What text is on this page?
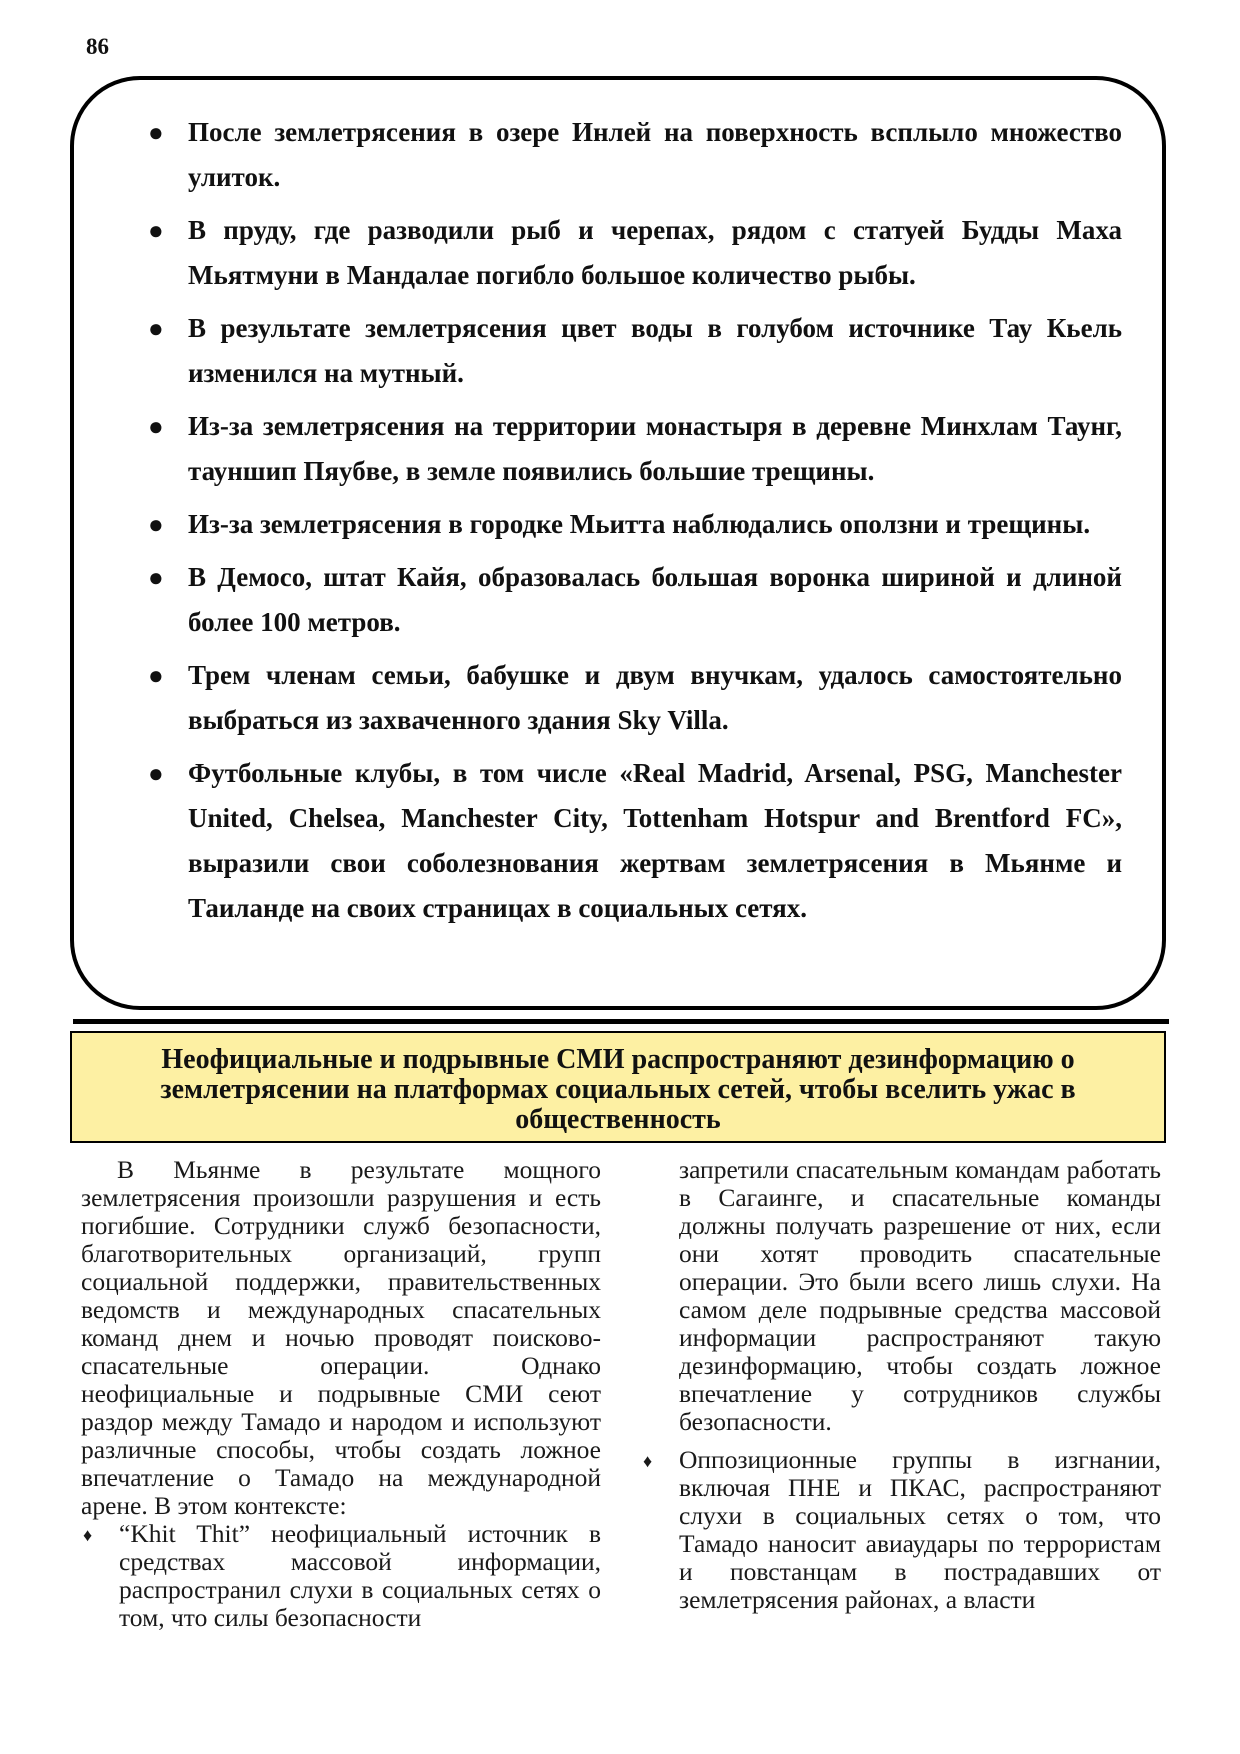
86
● После землетрясения в озере Инлей на поверхность всплыло множество улиток.
● В пруду, где разводили рыб и черепах, рядом с статуей Будды Маха Мьятмуни в Мандалае погибло большое количество рыбы.
● В результате землетрясения цвет воды в голубом источнике Тау Кьель изменился на мутный.
● Из-за землетрясения на территории монастыря в деревне Минхлам Таунг, тауншип Пяубве, в земле появились большие трещины.
● Из-за землетрясения в городке Мьитта наблюдались оползни и трещины.
● В Демосо, штат Кайя, образовалась большая воронка шириной и длиной более 100 метров.
● Трем членам семьи, бабушке и двум внучкам, удалось самостоятельно выбраться из захваченного здания Sky Villa.
● Футбольные клубы, в том числе «Real Madrid, Arsenal, PSG, Manchester United, Chelsea, Manchester City, Tottenham Hotspur and Brentford FC», выразили свои соболезнования жертвам землетрясения в Мьянме и Таиланде на своих страницах в социальных сетях.
Неофициальные и подрывные СМИ распространяют дезинформацию о землетрясении на платформах социальных сетей, чтобы вселить ужас в общественность

В Мьянме в результате мощного землетрясения произошли разрушения и есть погибшие. Сотрудники служб безопасности, благотворительных организаций, групп социальной поддержки, правительственных ведомств и международных спасательных команд днем и ночью проводят поисково-спасательные операции. Однако неофициальные и подрывные СМИ сеют раздор между Тамадо и народом и используют различные способы, чтобы создать ложное впечатление о Тамадо на международной арене. В этом контексте:

♦ “Khit Thit” неофициальный источник в средствах массовой информации, распространил слухи в социальных сетях о том, что силы безопасности

запретили спасательным командам работать в Сагаинге, и спасательные команды должны получать разрешение от них, если они хотят проводить спасательные операции. Это были всего лишь слухи. На самом деле подрывные средства массовой информации распространяют такую дезинформацию, чтобы создать ложное впечатление у сотрудников службы безопасности.

♦ Оппозиционные группы в изгнании, включая ПНЕ и ПКАС, распространяют слухи в социальных сетях о том, что Тамадо наносит авиаудары по террористам и повстанцам в пострадавших от землетрясения районах, а власти
